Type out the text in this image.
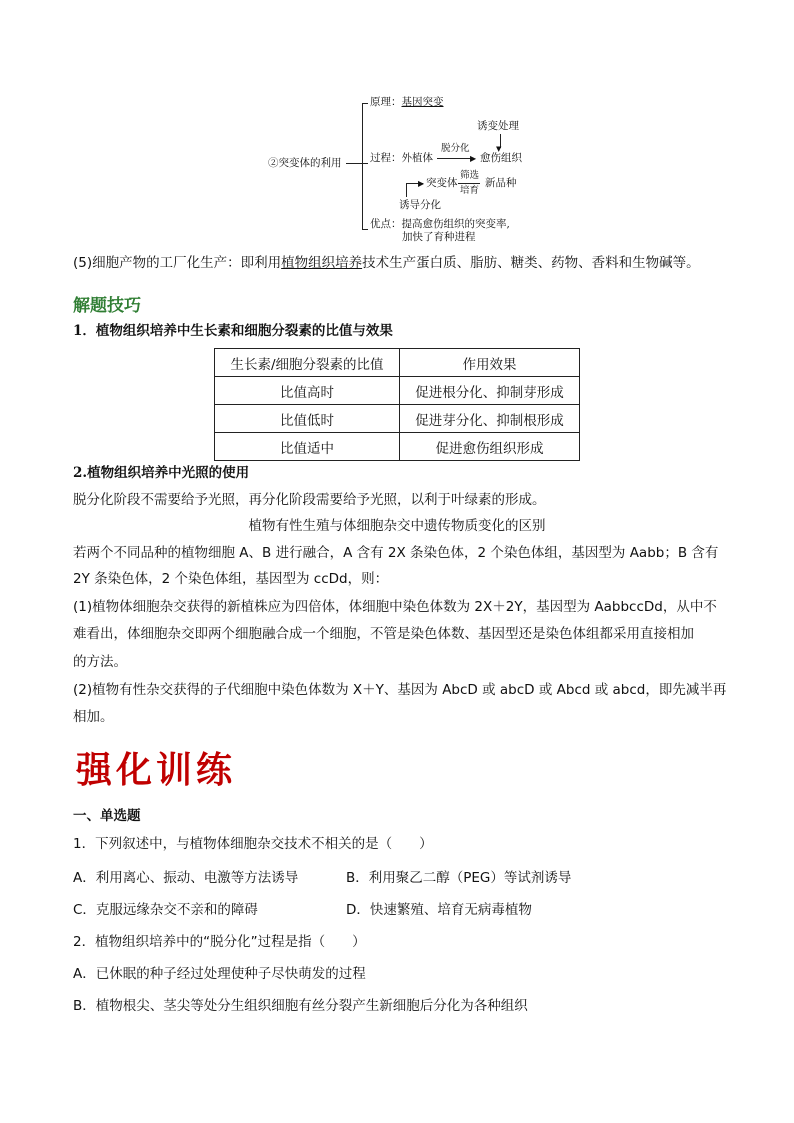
②突变体的利用
原理：基因突变
诱变处理
▼
过程：外植体
脱分化
▶ 愈伤组织
▶ 突变体
筛选
培育
新品种
诱导分化
优点：提高愈伤组织的突变率,
加快了育种进程
(5)细胞产物的工厂化生产：即利用植物组织培养技术生产蛋白质、脂肪、糖类、药物、香料和生物碱等。
解题技巧
1．植物组织培养中生长素和细胞分裂素的比值与效果
生长素/细胞分裂素的比值	作用效果
比值高时	促进根分化、抑制芽形成
比值低时	促进芽分化、抑制根形成
比值适中	促进愈伤组织形成
2.植物组织培养中光照的使用
脱分化阶段不需要给予光照，再分化阶段需要给予光照，以利于叶绿素的形成。
植物有性生殖与体细胞杂交中遗传物质变化的区别
若两个不同品种的植物细胞 A、B 进行融合，A 含有 2X 条染色体，2 个染色体组，基因型为 Aabb；B 含有
2Y 条染色体，2 个染色体组，基因型为 ccDd，则：
(1)植物体细胞杂交获得的新植株应为四倍体，体细胞中染色体数为 2X＋2Y，基因型为 AabbccDd，从中不
难看出，体细胞杂交即两个细胞融合成一个细胞，不管是染色体数、基因型还是染色体组都采用直接相加
的方法。
(2)植物有性杂交获得的子代细胞中染色体数为 X＋Y、基因为 AbcD 或 abcD 或 Abcd 或 abcd，即先减半再
相加。
强化训练
一、单选题
1．下列叙述中，与植物体细胞杂交技术不相关的是（　　）
A．利用离心、振动、电激等方法诱导	B．利用聚乙二醇（PEG）等试剂诱导
C．克服远缘杂交不亲和的障碍	D．快速繁殖、培育无病毒植物
2．植物组织培养中的“脱分化”过程是指（　　）
A．已休眠的种子经过处理使种子尽快萌发的过程
B．植物根尖、茎尖等处分生组织细胞有丝分裂产生新细胞后分化为各种组织
